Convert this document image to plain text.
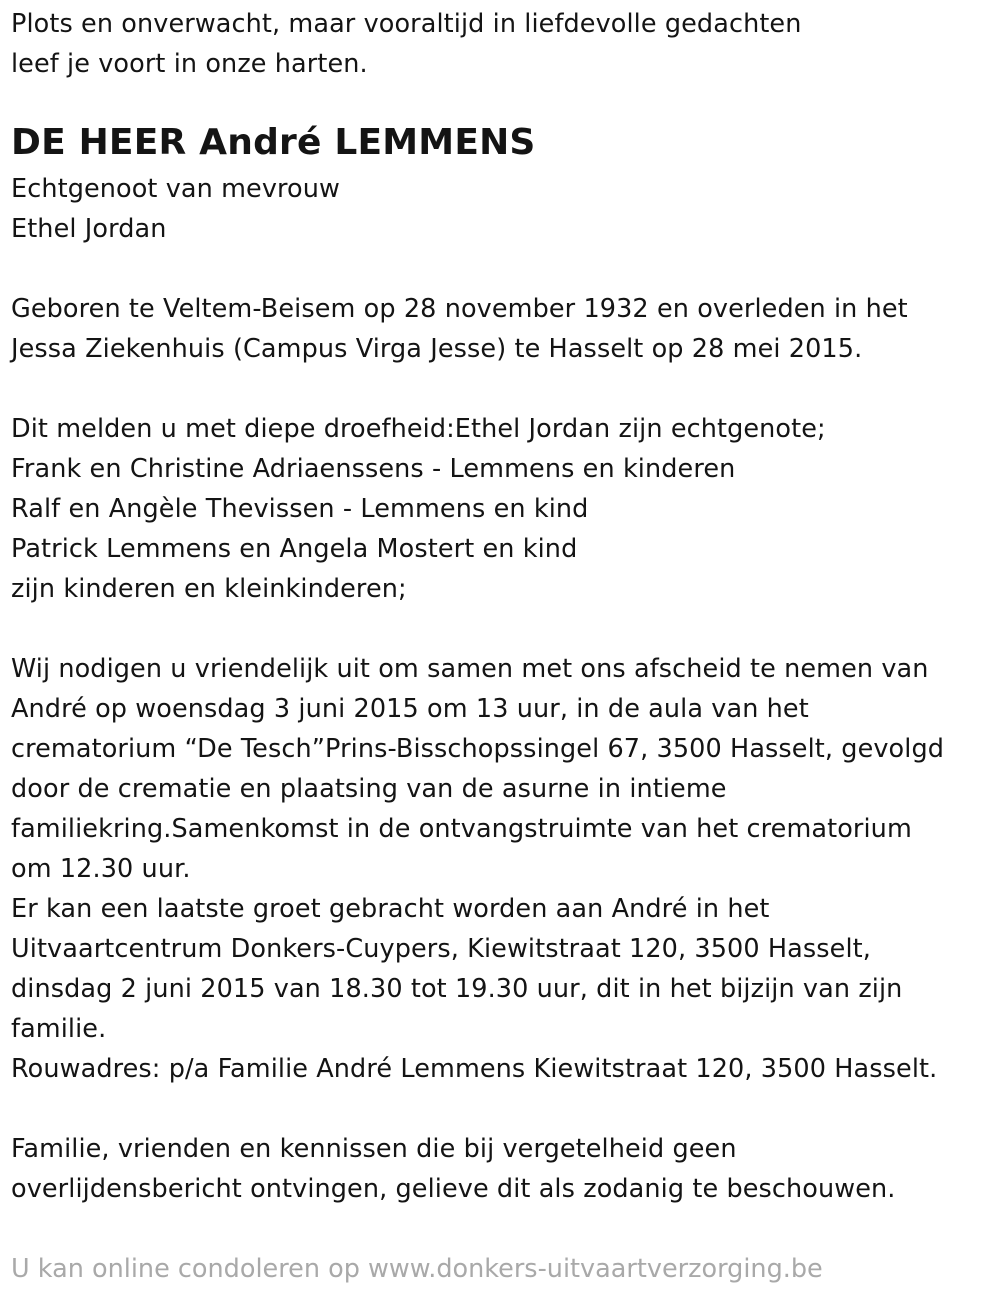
Plots en onverwacht, maar vooraltijd in liefdevolle gedachten
leef je voort in onze harten.
DE HEER André LEMMENS
Echtgenoot van mevrouw
Ethel Jordan
Geboren te Veltem-Beisem op 28 november 1932 en overleden in het
Jessa Ziekenhuis (Campus Virga Jesse) te Hasselt op 28 mei 2015.
Dit melden u met diepe droefheid:Ethel Jordan zijn echtgenote;
Frank en Christine Adriaenssens - Lemmens en kinderen
Ralf en Angèle Thevissen - Lemmens en kind
Patrick Lemmens en Angela Mostert en kind
zijn kinderen en kleinkinderen;
Wij nodigen u vriendelijk uit om samen met ons afscheid te nemen van
André op woensdag 3 juni 2015 om 13 uur, in de aula van het
crematorium “De Tesch”Prins-Bisschopssingel 67, 3500 Hasselt, gevolgd
door de crematie en plaatsing van de asurne in intieme
familiekring.Samenkomst in de ontvangstruimte van het crematorium
om 12.30 uur.
Er kan een laatste groet gebracht worden aan André in het
Uitvaartcentrum Donkers-Cuypers, Kiewitstraat 120, 3500 Hasselt,
dinsdag 2 juni 2015 van 18.30 tot 19.30 uur, dit in het bijzijn van zijn
familie.
Rouwadres: p/a Familie André Lemmens Kiewitstraat 120, 3500 Hasselt.
Familie, vrienden en kennissen die bij vergetelheid geen
overlijdensbericht ontvingen, gelieve dit als zodanig te beschouwen.
U kan online condoleren op www.donkers-uitvaartverzorging.be
